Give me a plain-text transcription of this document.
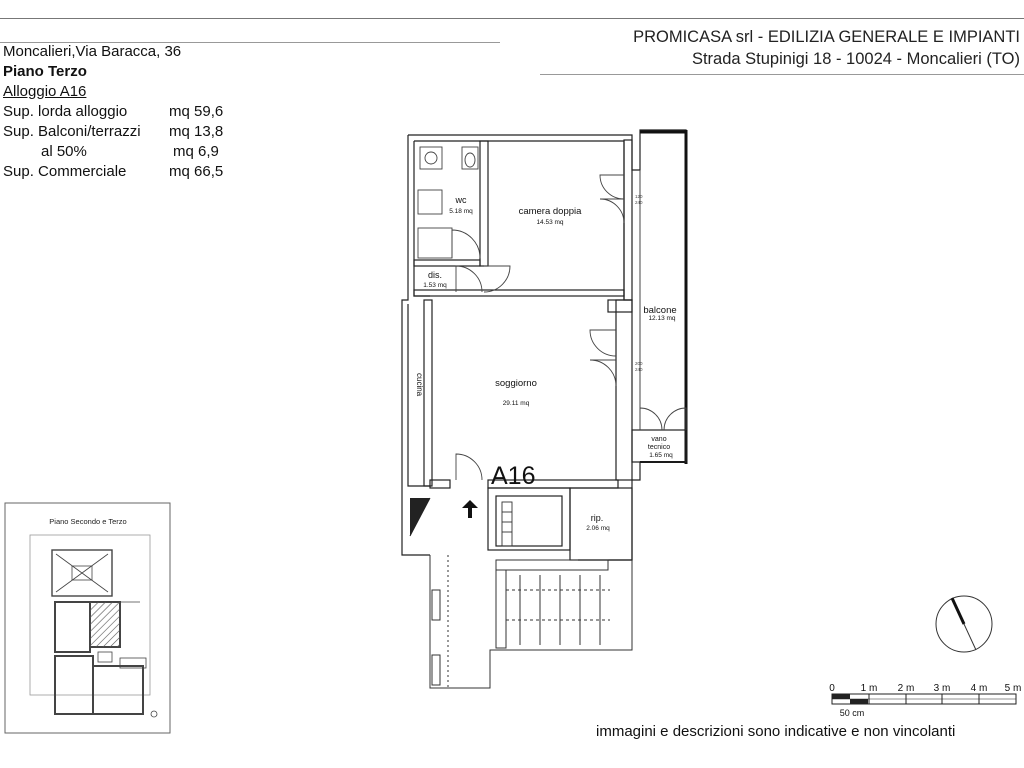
PROMICASA srl - EDILIZIA GENERALE E IMPIANTI
Strada Stupinigi 18 - 10024 - Moncalieri (TO)
Moncalieri,Via Baracca, 36
Piano Terzo
Alloggio A16
Sup. lorda alloggio	mq 59,6
Sup. Balconi/terrazzi mq 13,8
al 50%	mq 6,9
Sup. Commerciale	mq 66,5
120
240
200
240
A16
wc
5.18 mq	camera doppia
14.53 mq
dis.
1.53 mq
balcone
12.13 mq
soggiorno
29.11 mq
cucina
vano
tecnico
1.65 mq
rip.
2.06 mq
0	1 m 2 m 3 m 4 m 5 m
50 cm
Piano Secondo e Terzo
immagini e descrizioni sono indicative e non vincolanti
